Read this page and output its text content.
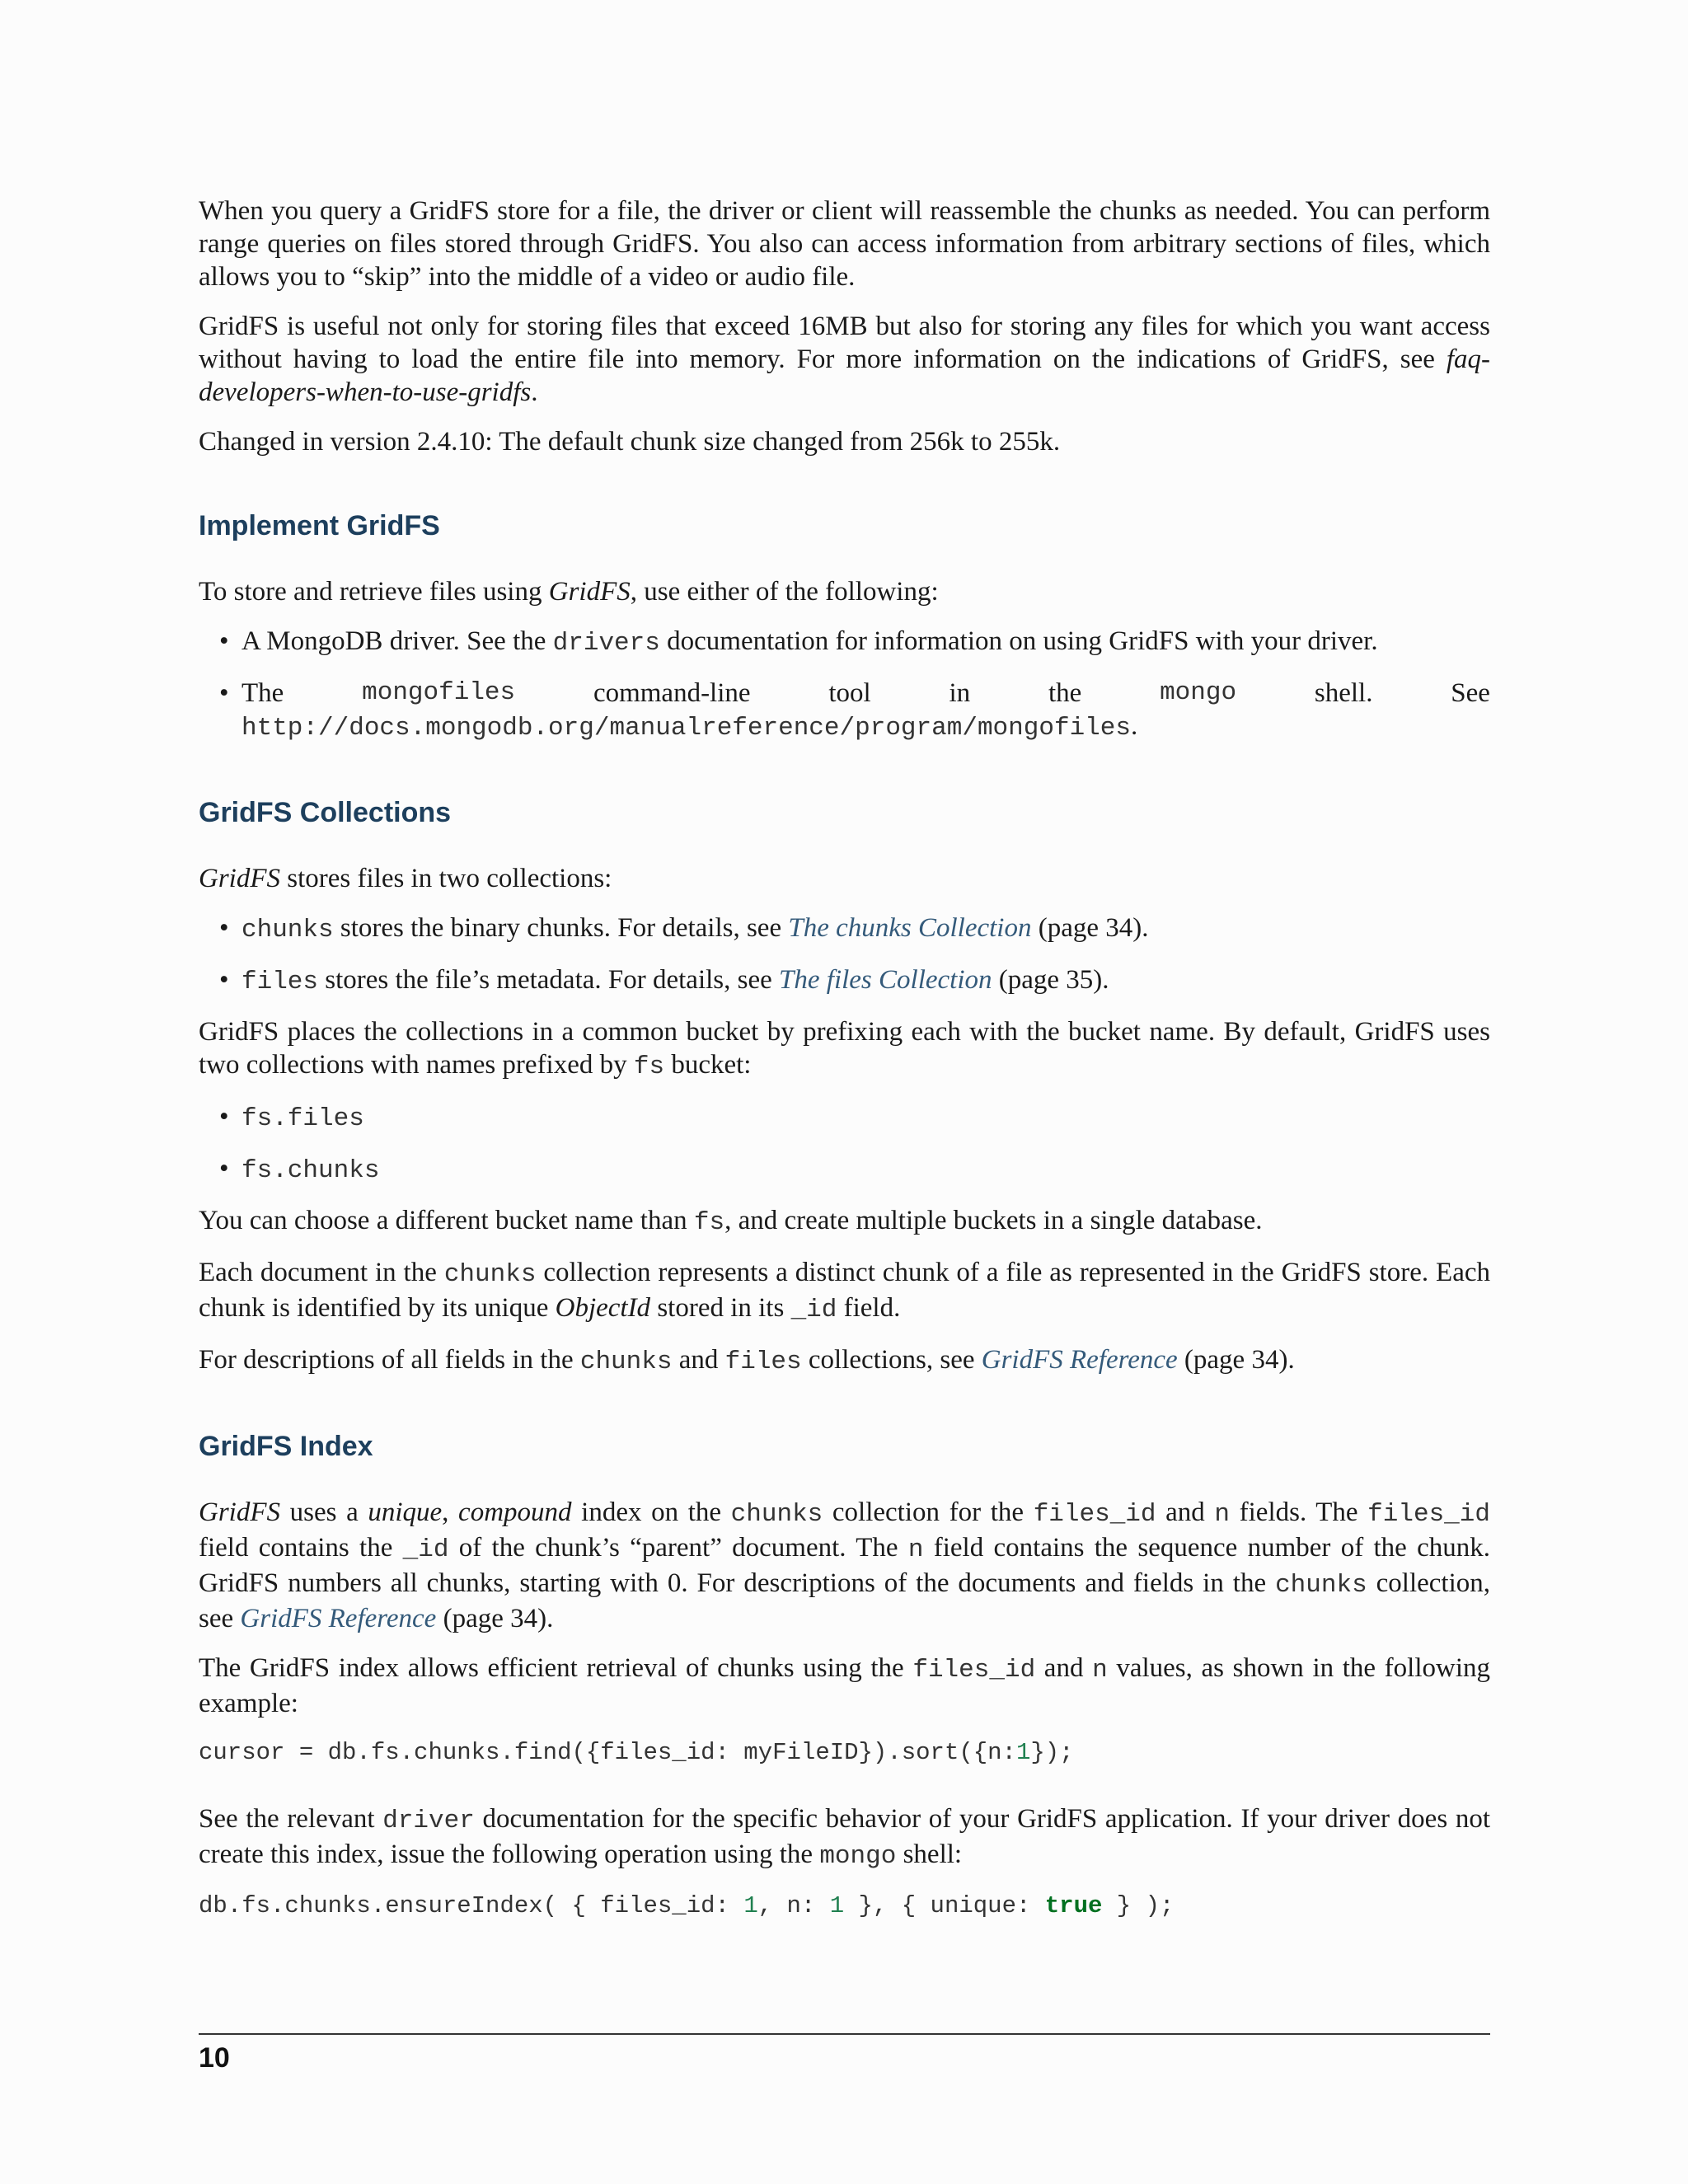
When you query a GridFS store for a file, the driver or client will reassemble the chunks as needed. You can perform range queries on files stored through GridFS. You also can access information from arbitrary sections of files, which allows you to “skip” into the middle of a video or audio file.

GridFS is useful not only for storing files that exceed 16MB but also for storing any files for which you want access without having to load the entire file into memory. For more information on the indications of GridFS, see faq-developers-when-to-use-gridfs.

Changed in version 2.4.10: The default chunk size changed from 256k to 255k.

Implement GridFS

To store and retrieve files using GridFS, use either of the following:

• A MongoDB driver. See the drivers documentation for information on using GridFS with your driver.
• The	mongofiles	command-line	tool	in	the	mongo	shell.	See
http://docs.mongodb.org/manualreference/program/mongofiles.
GridFS Collections

GridFS stores files in two collections:

• chunks stores the binary chunks. For details, see The chunks Collection (page 34).
• files stores the file’s metadata. For details, see The files Collection (page 35).

GridFS places the collections in a common bucket by prefixing each with the bucket name. By default, GridFS uses two collections with names prefixed by fs bucket:

• fs.files
• fs.chunks

You can choose a different bucket name than fs, and create multiple buckets in a single database.

Each document in the chunks collection represents a distinct chunk of a file as represented in the GridFS store. Each chunk is identified by its unique ObjectId stored in its _id field.

For descriptions of all fields in the chunks and files collections, see GridFS Reference (page 34).

GridFS Index

GridFS uses a unique, compound index on the chunks collection for the files_id and n fields. The files_id field contains the _id of the chunk’s “parent” document. The n field contains the sequence number of the chunk. GridFS numbers all chunks, starting with 0. For descriptions of the documents and fields in the chunks collection, see GridFS Reference (page 34).

The GridFS index allows efficient retrieval of chunks using the files_id and n values, as shown in the following example:

cursor = db.fs.chunks.find({files_id: myFileID}).sort({n:1});

See the relevant driver documentation for the specific behavior of your GridFS application. If your driver does not create this index, issue the following operation using the mongo shell:

db.fs.chunks.ensureIndex( { files_id: 1, n: 1 }, { unique: true } );
10
